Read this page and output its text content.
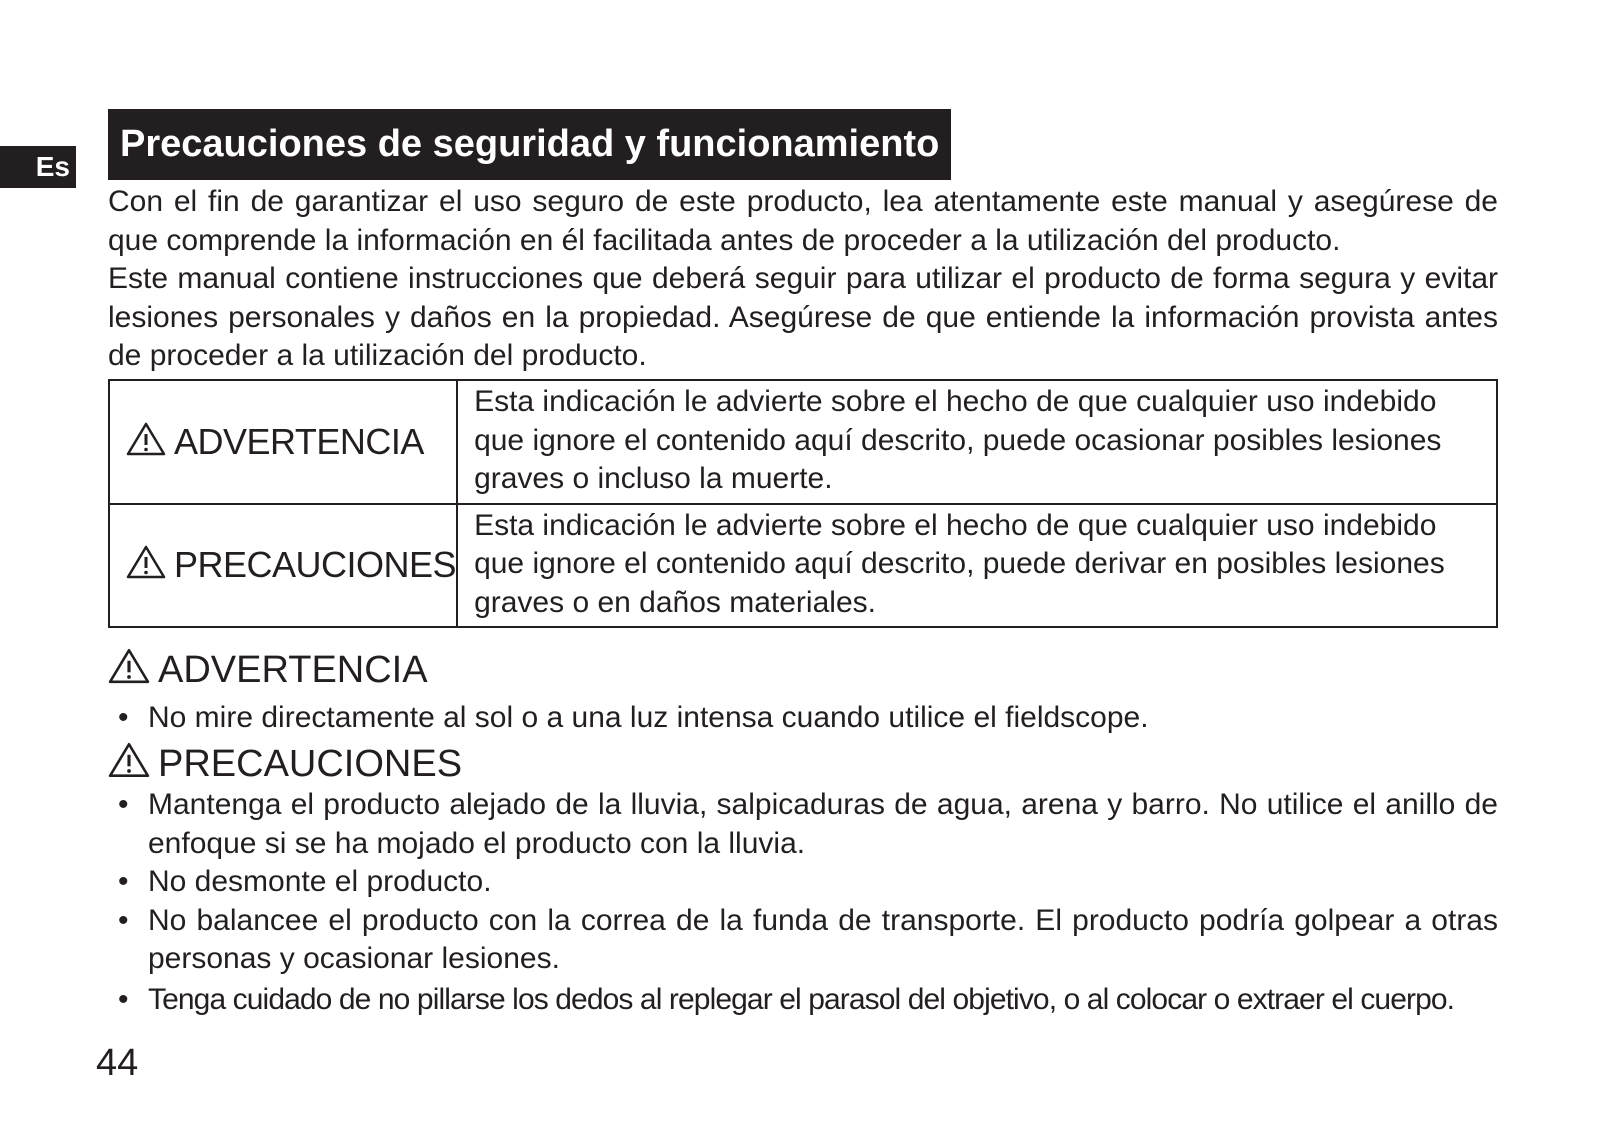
Es
Precauciones de seguridad y funcionamiento

Con el fin de garantizar el uso seguro de este producto, lea atentamente este manual y asegúrese de que comprende la información en él facilitada antes de proceder a la utilización del producto.

Este manual contiene instrucciones que deberá seguir para utilizar el producto de forma segura y evitar lesiones personales y daños en la propiedad. Asegúrese de que entiende la información provista antes de proceder a la utilización del producto.

ADVERTENCIA	Esta indicación le advierte sobre el hecho de que cualquier uso indebido que ignore el contenido aquí descrito, puede ocasionar posibles lesiones graves o incluso la muerte.
PRECAUCIONES	Esta indicación le advierte sobre el hecho de que cualquier uso indebido que ignore el contenido aquí descrito, puede derivar en posibles lesiones graves o en daños materiales.
ADVERTENCIA
• No mire directamente al sol o a una luz intensa cuando utilice el fieldscope.
PRECAUCIONES
• Mantenga el producto alejado de la lluvia, salpicaduras de agua, arena y barro. No utilice el anillo de enfoque si se ha mojado el producto con la lluvia.
• No desmonte el producto.
• No balancee el producto con la correa de la funda de transporte. El producto podría golpear a otras personas y ocasionar lesiones.
• Tenga cuidado de no pillarse los dedos al replegar el parasol del objetivo, o al colocar o extraer el cuerpo.
44
